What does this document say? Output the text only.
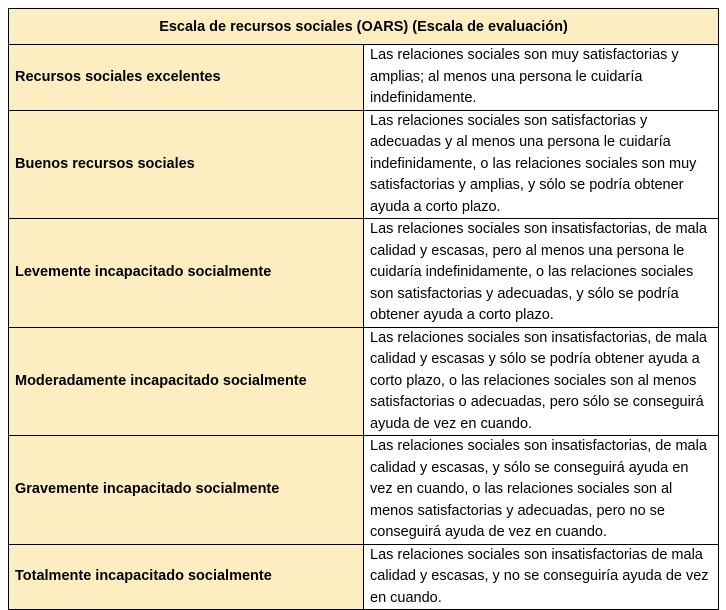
Escala de recursos sociales (OARS) (Escala de evaluación)	
Recursos sociales excelentes	Las relaciones sociales son muy satisfactorias y amplias; al menos una persona le cuidaría indefinidamente.
Buenos recursos sociales	Las relaciones sociales son satisfactorias y adecuadas y al menos una persona le cuidaría indefinidamente, o las relaciones sociales son muy satisfactorias y amplias, y sólo se podría obtener ayuda a corto plazo.
Levemente incapacitado socialmente	Las relaciones sociales son insatisfactorias, de mala calidad y escasas, pero al menos una persona le cuidaría indefinidamente, o las relaciones sociales son satisfactorias y adecuadas, y sólo se podría obtener ayuda a corto plazo.
Moderadamente incapacitado socialmente	Las relaciones sociales son insatisfactorias, de mala calidad y escasas y sólo se podría obtener ayuda a corto plazo, o las relaciones sociales son al menos satisfactorias o adecuadas, pero sólo se conseguirá ayuda de vez en cuando.
Gravemente incapacitado socialmente	Las relaciones sociales son insatisfactorias, de mala calidad y escasas, y sólo se conseguirá ayuda en vez en cuando, o las relaciones sociales son al menos satisfactorias y adecuadas, pero no se conseguirá ayuda de vez en cuando.
Totalmente incapacitado socialmente	Las relaciones sociales son insatisfactorias de mala calidad y escasas, y no se conseguiría ayuda de vez en cuando.
